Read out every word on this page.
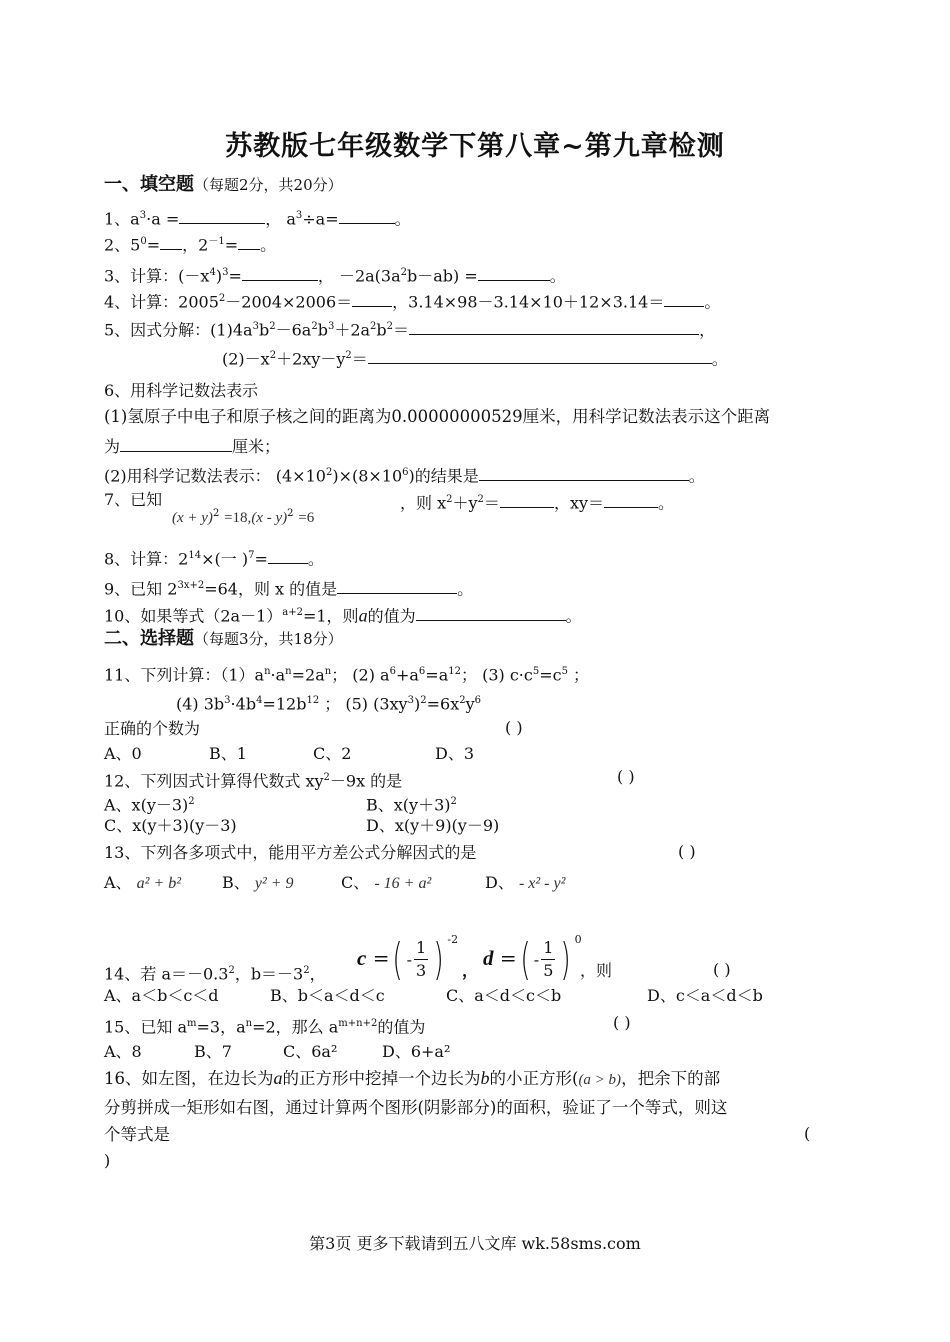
苏教版七年级数学下第八章~第九章检测
一、填空题（每题2分，共20分）
1、$a^3\cdot a$ =	， $a^3\div a=$	。
2、$5^0=$ ，$2^{-1}=$ 。
3、计算：$(-x^4)^3=$	， $-2a(3a^2b-ab)$ =	。
4、计算：$2005^2-2004\times 2006=$	，3.14×98－3.14×10＋12×3.14＝	。
5、因式分解：$(1)4a^3b^2-6a^2b^3+2a^2b^2=$	，
$(2)-x^2+2xy-y^2=$	。
6、用科学记数法表示
(1)氢原子中电子和原子核之间的距离为0.00000000529厘米，用科学记数法表示这个距离
为	厘米；
(2)用科学记数法表示： $(4\times 10^2)\times(8\times 10^6)$的结果是	。
7、已知
$(x + y)^2 =18,(x - y)^2 =6$
，则 $x^2+y^2=$	，xy＝	。
8、计算：$2^{14}\times$(一 )$^7$=	。
9、已知 $2^{3x+2}=64$，则 x 的值是	。
10、如果等式$(2a-1)^{a+2}=1$，则a的值为	。
二、选择题（每题3分，共18分）
11、下列计算：$(1)a^n\cdot a^n=2a^n$； (2) $a^6+a^6=a^{12}$； (3) $c\cdot c^5=c^5$ ；
(4) $3b^3\cdot 4b^4=12b^{12}$ ； (5) $(3xy^3)^2=6x^2y^6$
正确的个数为	( )
A、0	B、1	C、2	D、3
12、下列因式计算得代数式 $xy^2-9x$ 的是	( )
A、$x(y-3)^2$	B、$x(y+3)^2$
C、x(y＋3)(y－3)	D、x(y＋9)(y－9)
13、下列各多项式中，能用平方差公式分解因式的是	( )
A、 a² + b²	B、 y² + 9	C、 - 16 + a²	D、 - x² - y²
c =( - $\frac{1}{3}$ ) $^{-2}$
d =( - $\frac{1}{5}$ ) $^0$
14、若 $a=-0.3^2$，$b=-3^2$，	，	，则	( )
A、a＜b＜c＜d	B、b＜a＜d＜c	C、a＜d＜c＜b	D、c＜a＜d＜b
15、已知 $a^m=3$，$a^n=2$，那么 $a^{m+n+2}$的值为	( )
A、8	B、7	C、6a²	D、6+a²
16、如左图，在边长为a的正方形中挖掉一个边长为b的小正方形((a > b)，把余下的部
分剪拼成一矩形如右图，通过计算两个图形(阴影部分)的面积，验证了一个等式，则这
个等式是	(
)
第3页 更多下载请到五八文库 wk.58sms.com
